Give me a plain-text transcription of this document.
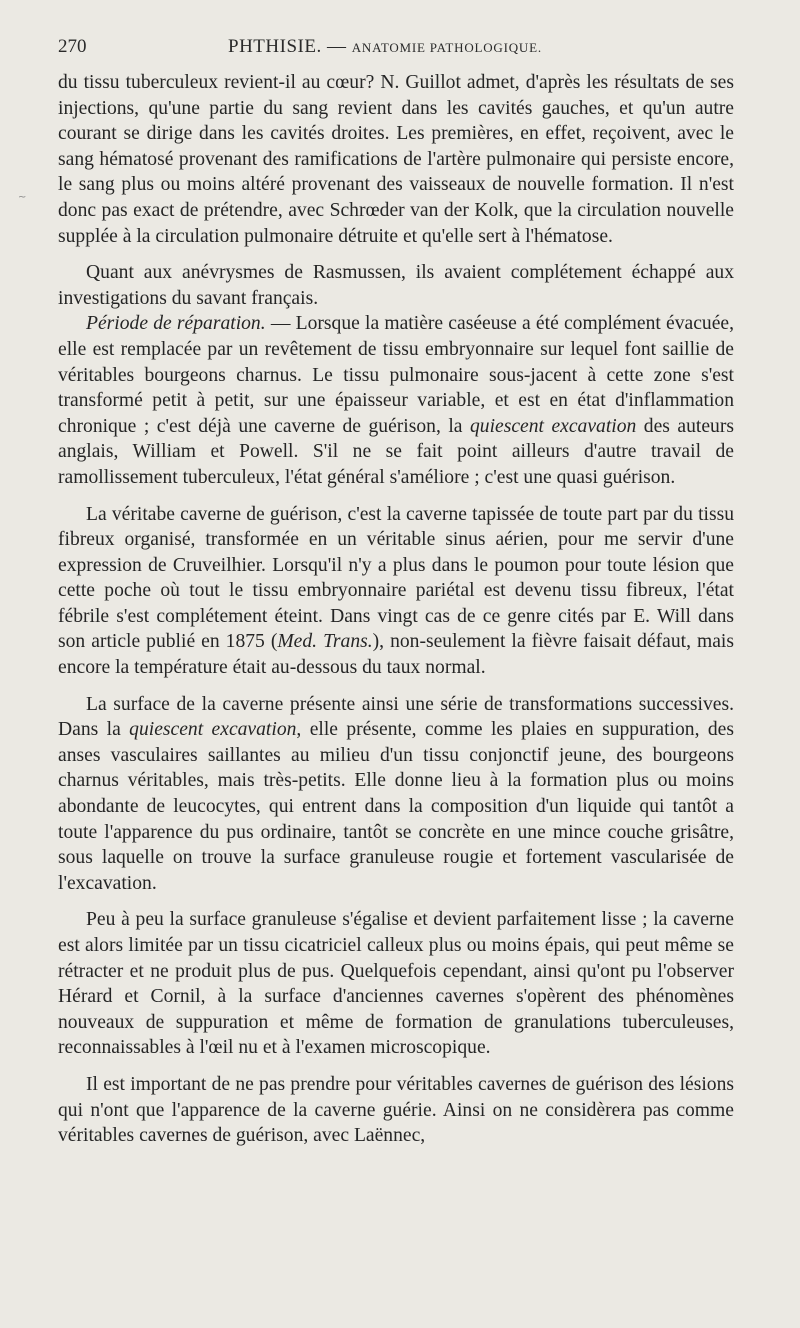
270	PHTHISIE. — ANATOMIE PATHOLOGIQUE.

du tissu tuberculeux revient-il au cœur? N. Guillot admet, d'après les résultats de ses injections, qu'une partie du sang revient dans les cavités gauches, et qu'un autre courant se dirige dans les cavités droites. Les premières, en effet, reçoivent, avec le sang hématosé provenant des ramifications de l'artère pulmonaire qui persiste encore, le sang plus ou moins altéré provenant des vaisseaux de nouvelle formation. Il n'est donc pas exact de prétendre, avec Schrœder van der Kolk, que la circulation nouvelle supplée à la circulation pulmonaire détruite et qu'elle sert à l'hématose.

Quant aux anévrysmes de Rasmussen, ils avaient complétement échappé aux investigations du savant français.

Période de réparation. — Lorsque la matière caséeuse a été complément évacuée, elle est remplacée par un revêtement de tissu embryonnaire sur lequel font saillie de véritables bourgeons charnus. Le tissu pulmonaire sous-jacent à cette zone s'est transformé petit à petit, sur une épaisseur variable, et est en état d'inflammation chronique ; c'est déjà une caverne de guérison, la quiescent excavation des auteurs anglais, William et Powell. S'il ne se fait point ailleurs d'autre travail de ramollissement tuberculeux, l'état général s'améliore ; c'est une quasi guérison.

La véritabe caverne de guérison, c'est la caverne tapissée de toute part par du tissu fibreux organisé, transformée en un véritable sinus aérien, pour me servir d'une expression de Cruveilhier. Lorsqu'il n'y a plus dans le poumon pour toute lésion que cette poche où tout le tissu embryonnaire pariétal est devenu tissu fibreux, l'état fébrile s'est complétement éteint. Dans vingt cas de ce genre cités par E. Will dans son article publié en 1875 (Med. Trans.), non-seulement la fièvre faisait défaut, mais encore la température était au-dessous du taux normal.

La surface de la caverne présente ainsi une série de transformations successives. Dans la quiescent excavation, elle présente, comme les plaies en suppuration, des anses vasculaires saillantes au milieu d'un tissu conjonctif jeune, des bourgeons charnus véritables, mais très-petits. Elle donne lieu à la formation plus ou moins abondante de leucocytes, qui entrent dans la composition d'un liquide qui tantôt a toute l'apparence du pus ordinaire, tantôt se concrète en une mince couche grisâtre, sous laquelle on trouve la surface granuleuse rougie et fortement vascularisée de l'excavation.

Peu à peu la surface granuleuse s'égalise et devient parfaitement lisse ; la caverne est alors limitée par un tissu cicatriciel calleux plus ou moins épais, qui peut même se rétracter et ne produit plus de pus. Quelquefois cependant, ainsi qu'ont pu l'observer Hérard et Cornil, à la surface d'anciennes cavernes s'opèrent des phénomènes nouveaux de suppuration et même de formation de granulations tuberculeuses, reconnaissables à l'œil nu et à l'examen microscopique.

Il est important de ne pas prendre pour véritables cavernes de guérison des lésions qui n'ont que l'apparence de la caverne guérie. Ainsi on ne considèrera pas comme véritables cavernes de guérison, avec Laënnec,

~
